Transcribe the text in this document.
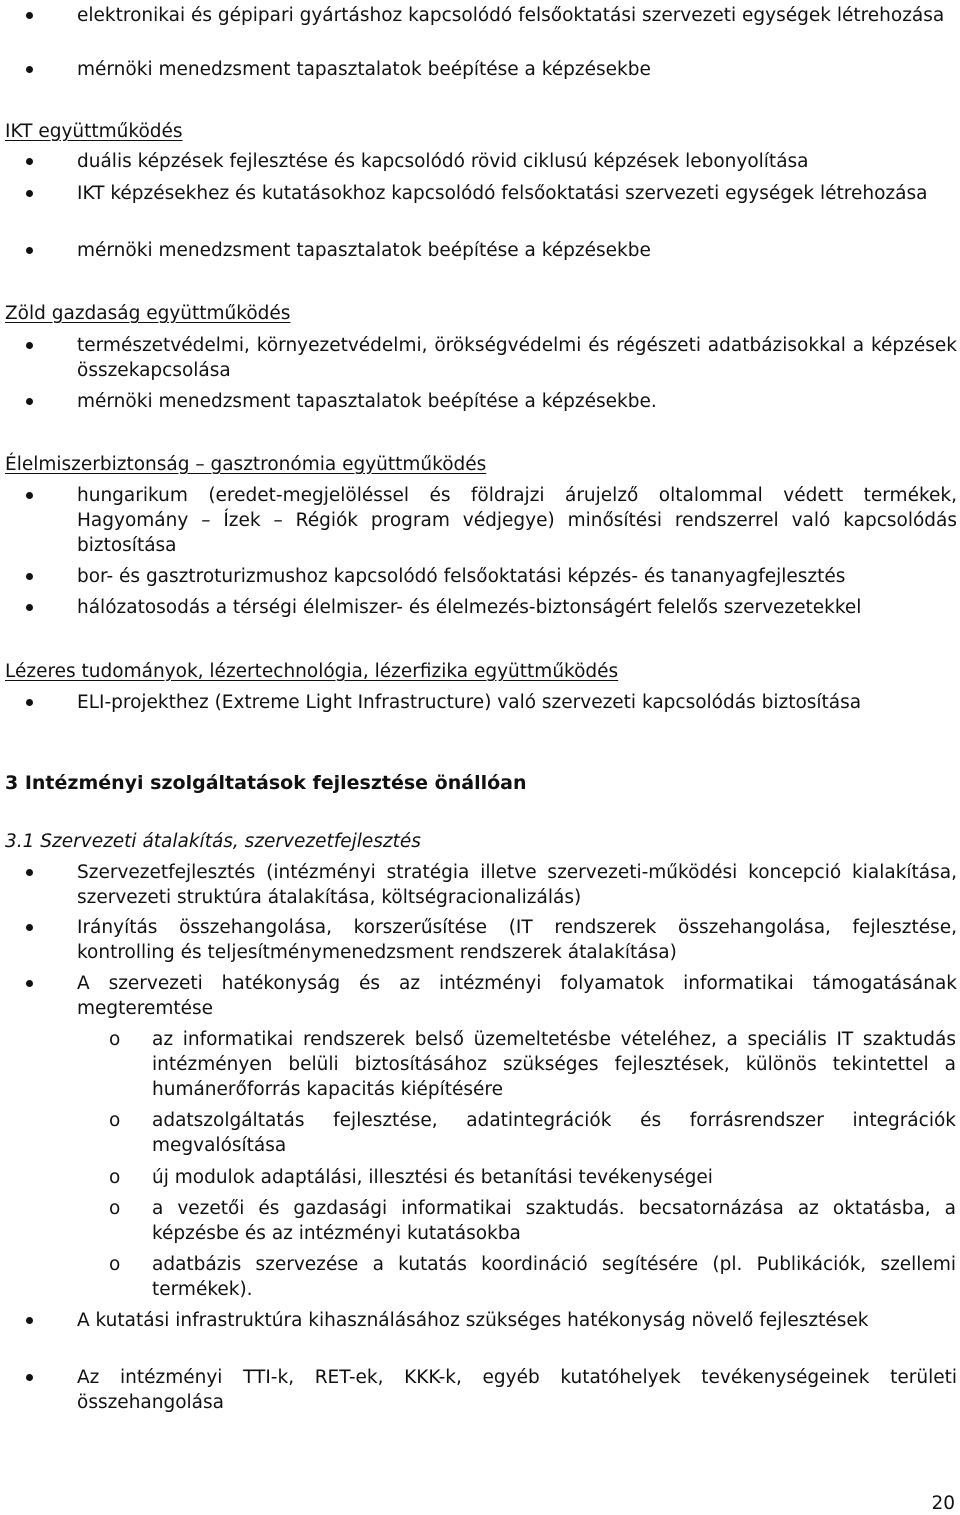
elektronikai és gépipari gyártáshoz kapcsolódó felsőoktatási szervezeti egységek létrehozása
mérnöki menedzsment tapasztalatok beépítése a képzésekbe
IKT együttműködés
duális képzések fejlesztése és kapcsolódó rövid ciklusú képzések lebonyolítása
IKT képzésekhez és kutatásokhoz kapcsolódó felsőoktatási szervezeti egységek létrehozása
mérnöki menedzsment tapasztalatok beépítése a képzésekbe
Zöld gazdaság együttműködés
természetvédelmi, környezetvédelmi, örökségvédelmi és régészeti adatbázisokkal a képzések összekapcsolása
mérnöki menedzsment tapasztalatok beépítése a képzésekbe.
Élelmiszerbiztonság – gasztronómia együttműködés
hungarikum (eredet-megjelöléssel és földrajzi árujelző oltalommal védett termékek, Hagyomány – Ízek – Régiók program védjegye) minősítési rendszerrel való kapcsolódás biztosítása
bor- és gasztroturizmushoz kapcsolódó felsőoktatási képzés- és tananyagfejlesztés
hálózatosodás a térségi élelmiszer- és élelmezés-biztonságért felelős szervezetekkel
Lézeres tudományok, lézertechnológia, lézerfizika együttműködés
ELI-projekthez (Extreme Light Infrastructure) való szervezeti kapcsolódás biztosítása
3 Intézményi szolgáltatások fejlesztése önállóan
3.1 Szervezeti átalakítás, szervezetfejlesztés
Szervezetfejlesztés (intézményi stratégia illetve szervezeti-működési koncepció kialakítása, szervezeti struktúra átalakítása, költségracionalizálás)
Irányítás összehangolása, korszerűsítése (IT rendszerek összehangolása, fejlesztése, kontrolling és teljesítménymenedzsment rendszerek átalakítása)
A szervezeti hatékonyság és az intézményi folyamatok informatikai támogatásának megteremtése
o az informatikai rendszerek belső üzemeltetésbe vételéhez, a speciális IT szaktudás intézményen belüli biztosításához szükséges fejlesztések, különös tekintettel a humánerőforrás kapacitás kiépítésére
o adatszolgáltatás fejlesztése, adatintegrációk és forrásrendszer integrációk megvalósítása
o új modulok adaptálási, illesztési és betanítási tevékenységei
o a vezetői és gazdasági informatikai szaktudás. becsatornázása az oktatásba, a képzésbe és az intézményi kutatásokba
o adatbázis szervezése a kutatás koordináció segítésére (pl. Publikációk, szellemi termékek).
A kutatási infrastruktúra kihasználásához szükséges hatékonyság növelő fejlesztések
Az intézményi TTI-k, RET-ek, KKK-k, egyéb kutatóhelyek tevékenységeinek területi összehangolása
20
